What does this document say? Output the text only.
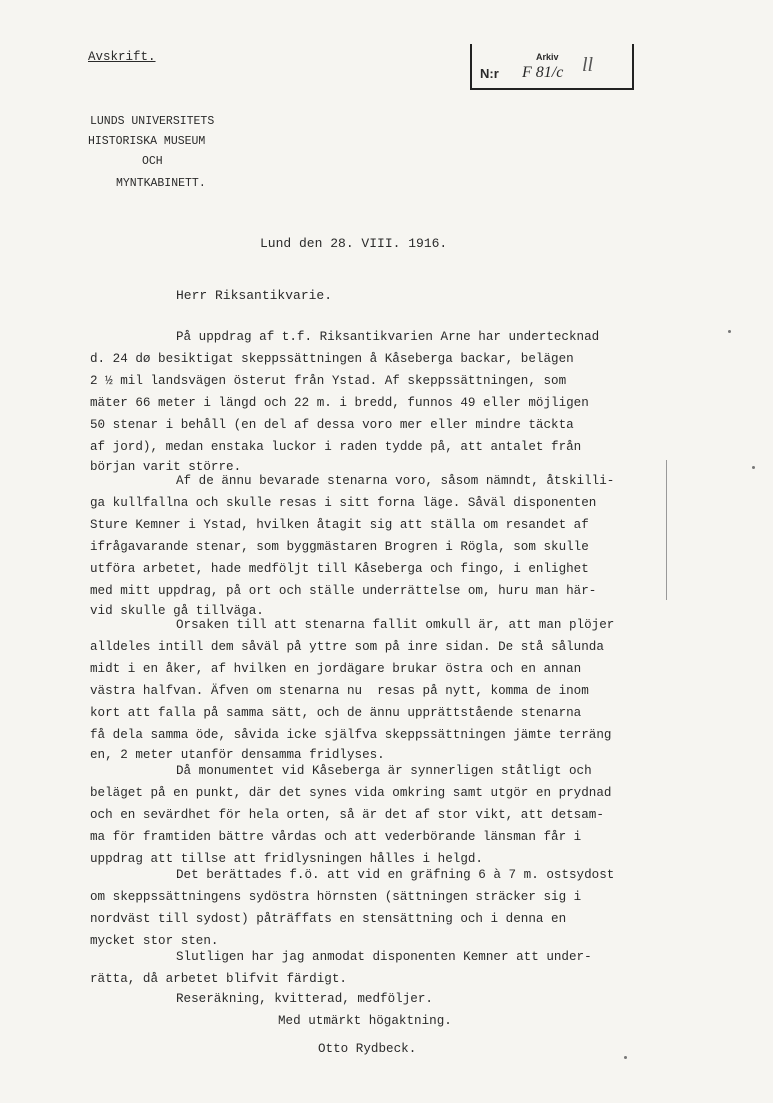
Avskrift.
N:r
Arkiv
F 81/c ll
LUNDS UNIVERSITETS
HISTORISKA MUSEUM
OCH
MYNTKABINETT.
Lund den 28. VIII. 1916.
Herr Riksantikvarie.
På uppdrag af t.f. Riksantikvarien Arne har undertecknad
d. 24 dø besiktigat skeppssättningen å Kåseberga backar, belägen
2 ½ mil landsvägen österut från Ystad. Af skeppssättningen, som
mäter 66 meter i längd och 22 m. i bredd, funnos 49 eller möjligen
50 stenar i behåll (en del af dessa voro mer eller mindre täckta
af jord), medan enstaka luckor i raden tydde på, att antalet från
början varit större.
Af de ännu bevarade stenarna voro, såsom nämndt, åtskilli-
ga kullfallna och skulle resas i sitt forna läge. Såväl disponenten
Sture Kemner i Ystad, hvilken åtagit sig att ställa om resandet af
ifrågavarande stenar, som byggmästaren Brogren i Rögla, som skulle
utföra arbetet, hade medföljt till Kåseberga och fingo, i enlighet
med mitt uppdrag, på ort och ställe underrättelse om, huru man här-
vid skulle gå tillväga.
Orsaken till att stenarna fallit omkull är, att man plöjer
alldeles intill dem såväl på yttre som på inre sidan. De stå sålunda
midt i en åker, af hvilken en jordägare brukar östra och en annan
västra halfvan. Äfven om stenarna nu  resas på nytt, komma de inom
kort att falla på samma sätt, och de ännu upprättstående stenarna
få dela samma öde, såvida icke själfva skeppssättningen jämte terräng
en, 2 meter utanför densamma fridlyses.
Då monumentet vid Kåseberga är synnerligen ståtligt och
beläget på en punkt, där det synes vida omkring samt utgör en prydnad
och en sevärdhet för hela orten, så är det af stor vikt, att detsam-
ma för framtiden bättre vårdas och att vederbörande länsman får i
uppdrag att tillse att fridlysningen hålles i helgd.
Det berättades f.ö. att vid en gräfning 6 à 7 m. ostsydost
om skeppssättningens sydöstra hörnsten (sättningen sträcker sig i
nordväst till sydost) påträffats en stensättning och i denna en
mycket stor sten.
Slutligen har jag anmodat disponenten Kemner att under-
rätta, då arbetet blifvit färdigt.
Reseräkning, kvitterad, medföljer.
Med utmärkt högaktning.
Otto Rydbeck.
